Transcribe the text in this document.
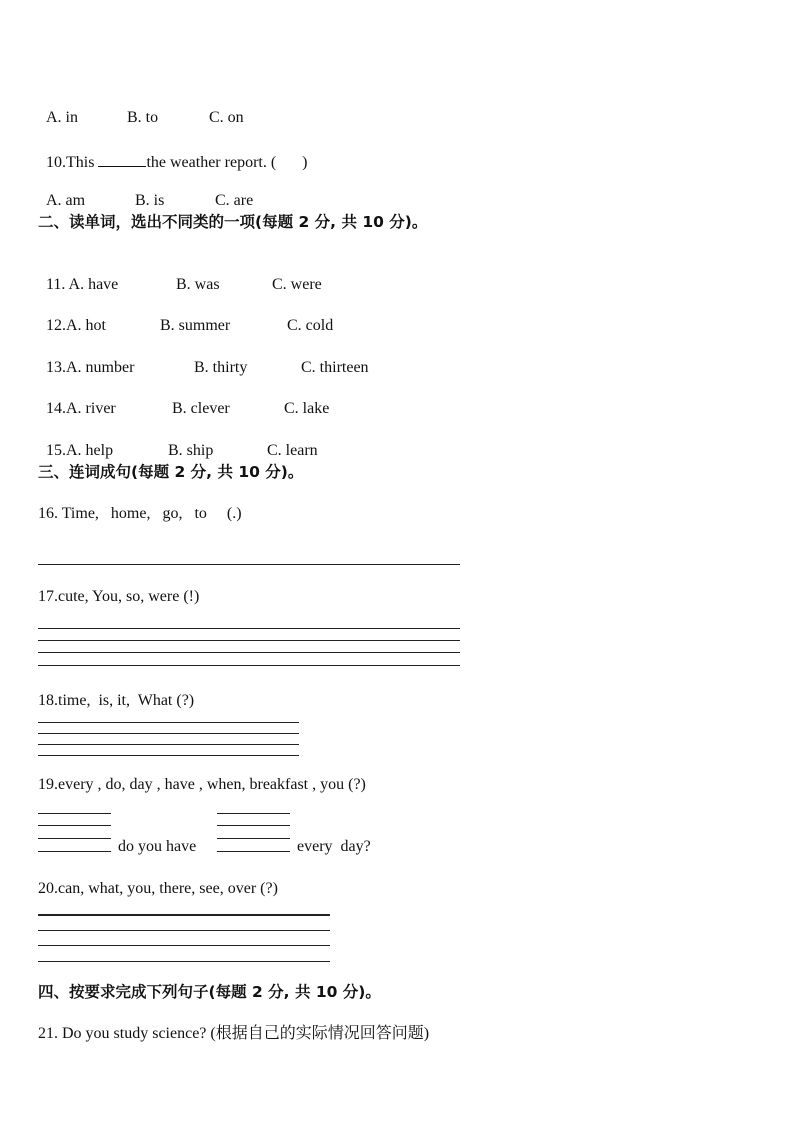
A. in	B. to	C. on

10.This	the weather report. ( )

A. am	B. is	C. are

二、读单词，选出不同类的一项(每题 2 分, 共 10 分)。

11. A. have	B. was	C. were

12.A. hot	B. summer	C. cold

13.A. number	B. thirty	C. thirteen

14.A. river	B. clever	C. lake

15.A. help	B. ship	C. learn

三、连词成句(每题 2 分, 共 10 分)。
16. Time,   home,   go,   to     (.)
17.cute, You, so, were (!)
18.time,  is, it,  What (?)
19.every , do, day , have , when, breakfast , you (?)
do you have	every  day?
20.can, what, you, there, see, over (?)
四、按要求完成下列句子(每题 2 分, 共 10 分)。
21. Do you study science? (根据自己的实际情况回答问题)
